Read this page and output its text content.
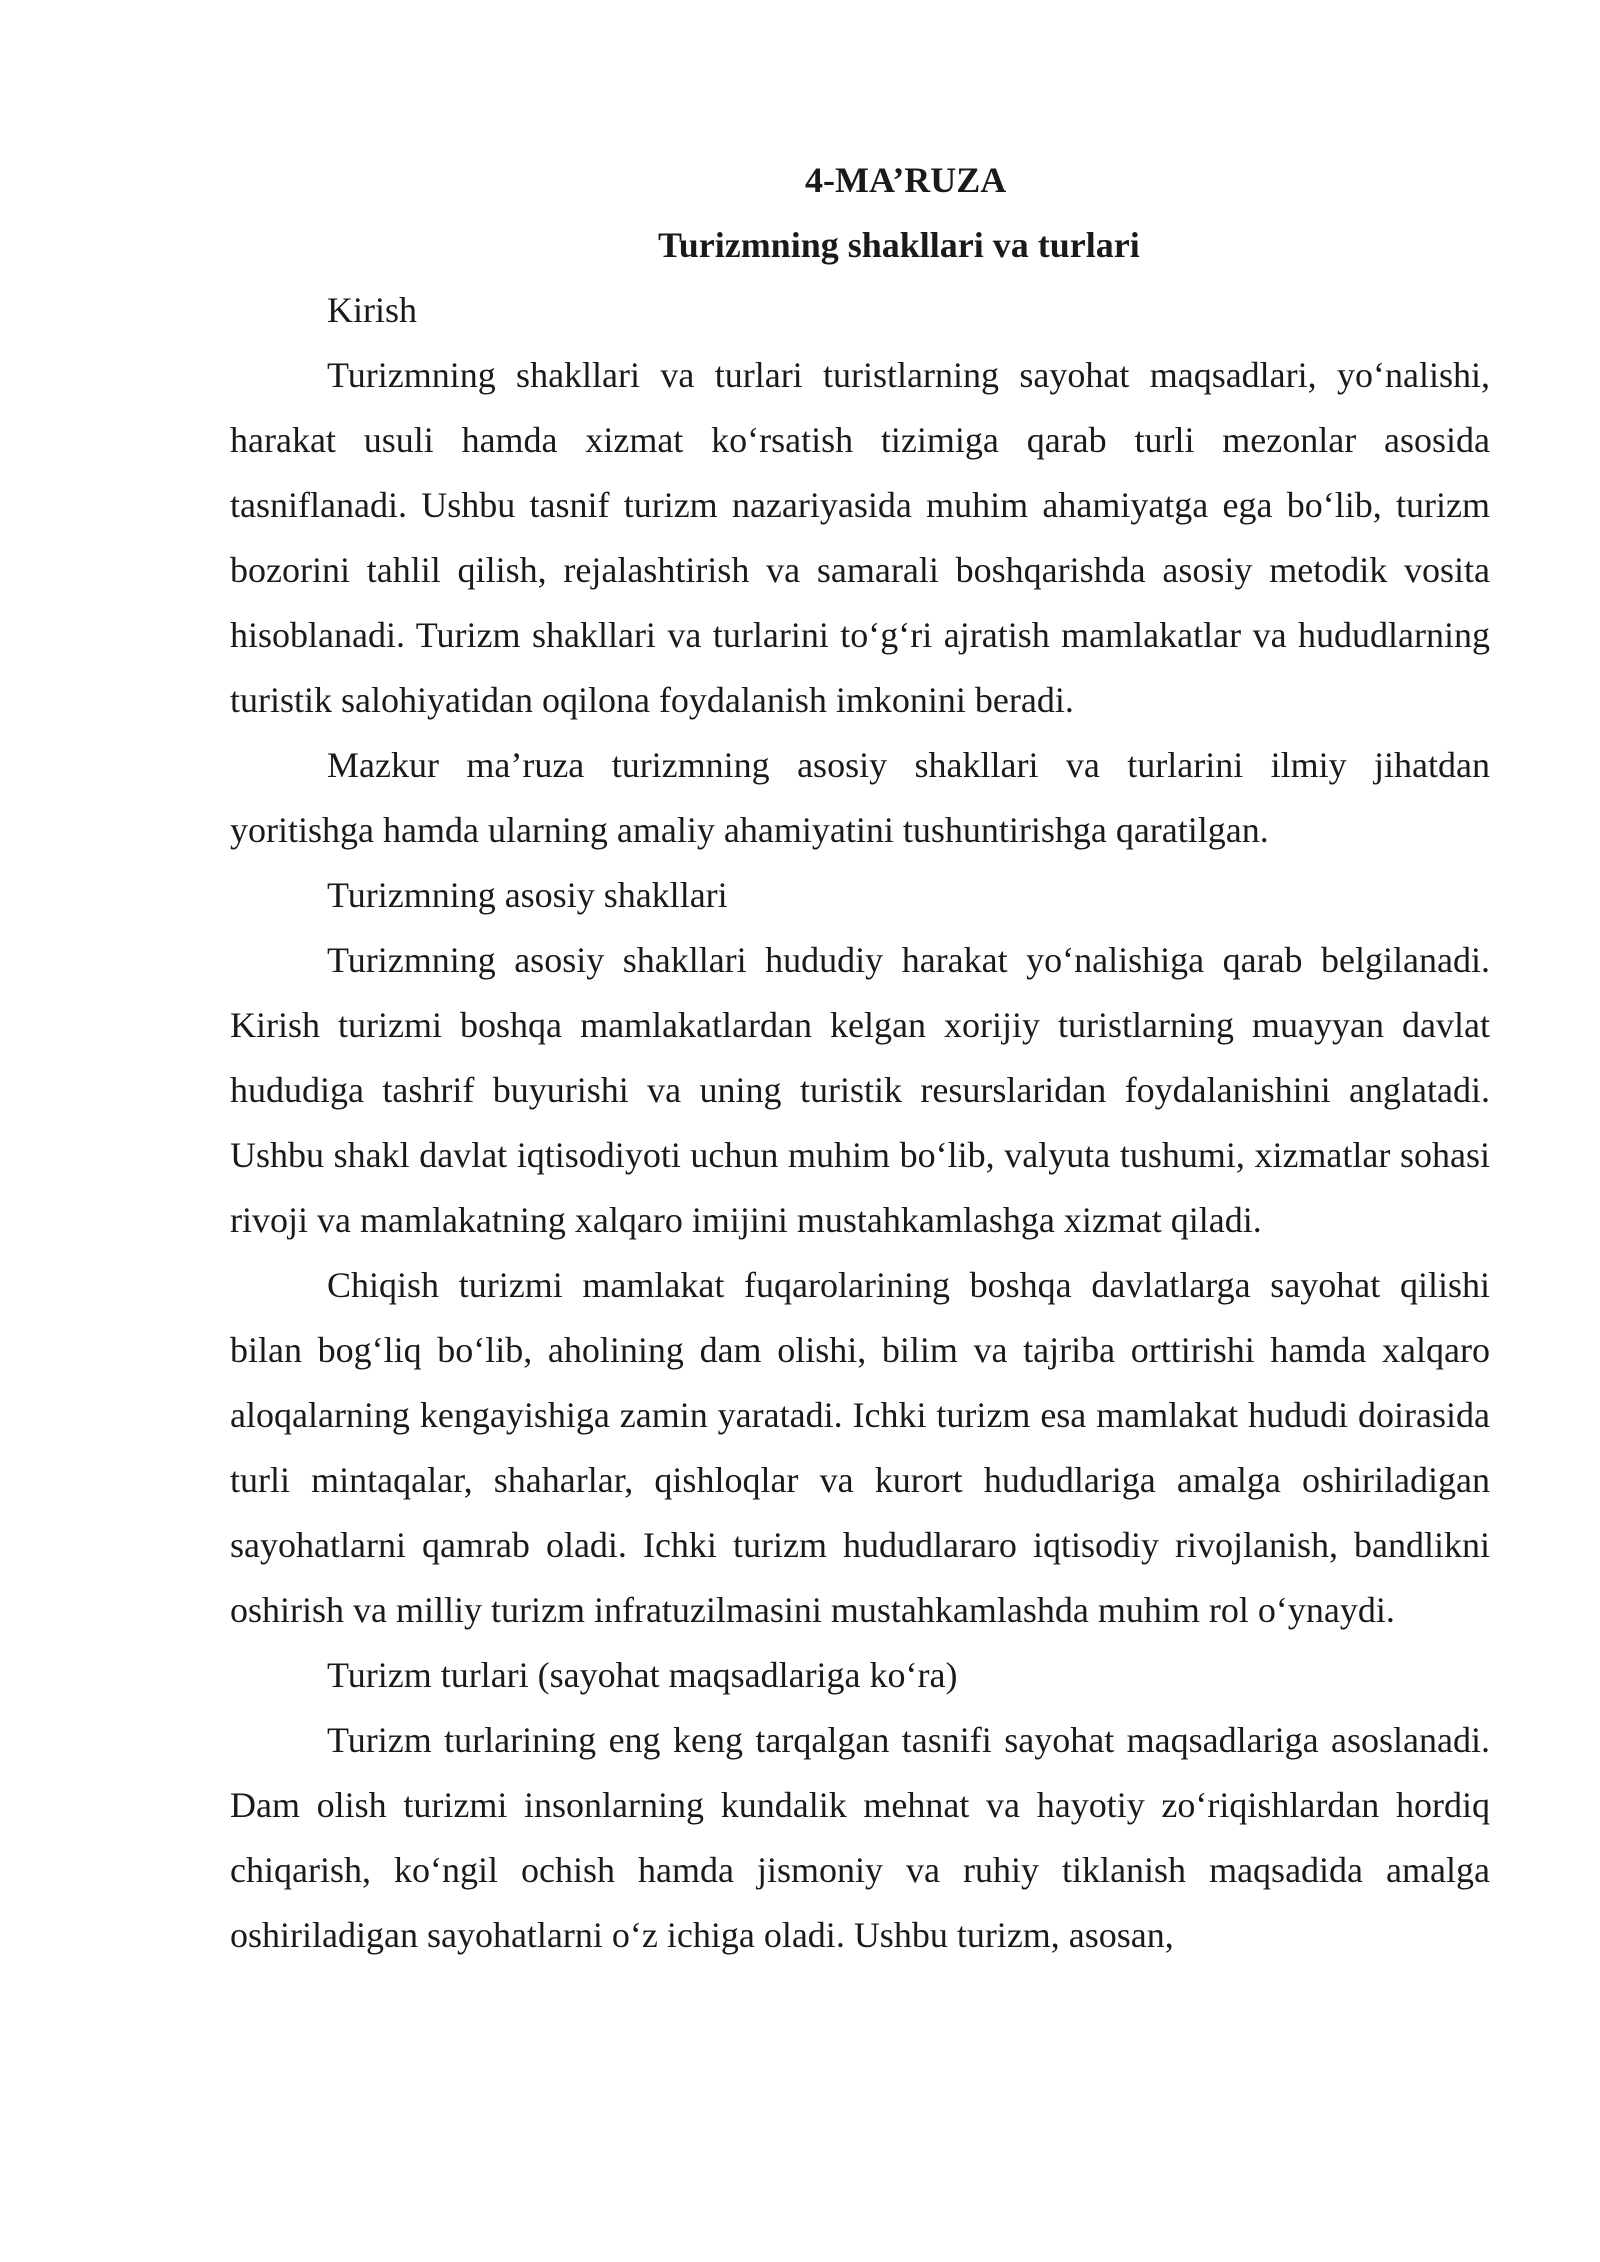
4-MA’RUZA
Turizmning shakllari va turlari

Kirish

Turizmning shakllari va turlari turistlarning sayohat maqsadlari, yo‘nalishi, harakat usuli hamda xizmat ko‘rsatish tizimiga qarab turli mezonlar asosida tasniflanadi. Ushbu tasnif turizm nazariyasida muhim ahamiyatga ega bo‘lib, turizm bozorini tahlil qilish, rejalashtirish va samarali boshqarishda asosiy metodik vosita hisoblanadi. Turizm shakllari va turlarini to‘g‘ri ajratish mamlakatlar va hududlarning turistik salohiyatidan oqilona foydalanish imkonini beradi.

Mazkur ma’ruza turizmning asosiy shakllari va turlarini ilmiy jihatdan yoritishga hamda ularning amaliy ahamiyatini tushuntirishga qaratilgan.

Turizmning asosiy shakllari

Turizmning asosiy shakllari hududiy harakat yo‘nalishiga qarab belgilanadi. Kirish turizmi boshqa mamlakatlardan kelgan xorijiy turistlarning muayyan davlat hududiga tashrif buyurishi va uning turistik resurslaridan foydalanishini anglatadi. Ushbu shakl davlat iqtisodiyoti uchun muhim bo‘lib, valyuta tushumi, xizmatlar sohasi rivoji va mamlakatning xalqaro imijini mustahkamlashga xizmat qiladi.

Chiqish turizmi mamlakat fuqarolarining boshqa davlatlarga sayohat qilishi bilan bog‘liq bo‘lib, aholining dam olishi, bilim va tajriba orttirishi hamda xalqaro aloqalarning kengayishiga zamin yaratadi. Ichki turizm esa mamlakat hududi doirasida turli mintaqalar, shaharlar, qishloqlar va kurort hududlariga amalga oshiriladigan sayohatlarni qamrab oladi. Ichki turizm hududlararo iqtisodiy rivojlanish, bandlikni oshirish va milliy turizm infratuzilmasini mustahkamlashda muhim rol o‘ynaydi.

Turizm turlari (sayohat maqsadlariga ko‘ra)

Turizm turlarining eng keng tarqalgan tasnifi sayohat maqsadlariga asoslanadi. Dam olish turizmi insonlarning kundalik mehnat va hayotiy zo‘riqishlardan hordiq chiqarish, ko‘ngil ochish hamda jismoniy va ruhiy tiklanish maqsadida amalga oshiriladigan sayohatlarni o‘z ichiga oladi. Ushbu turizm, asosan,
